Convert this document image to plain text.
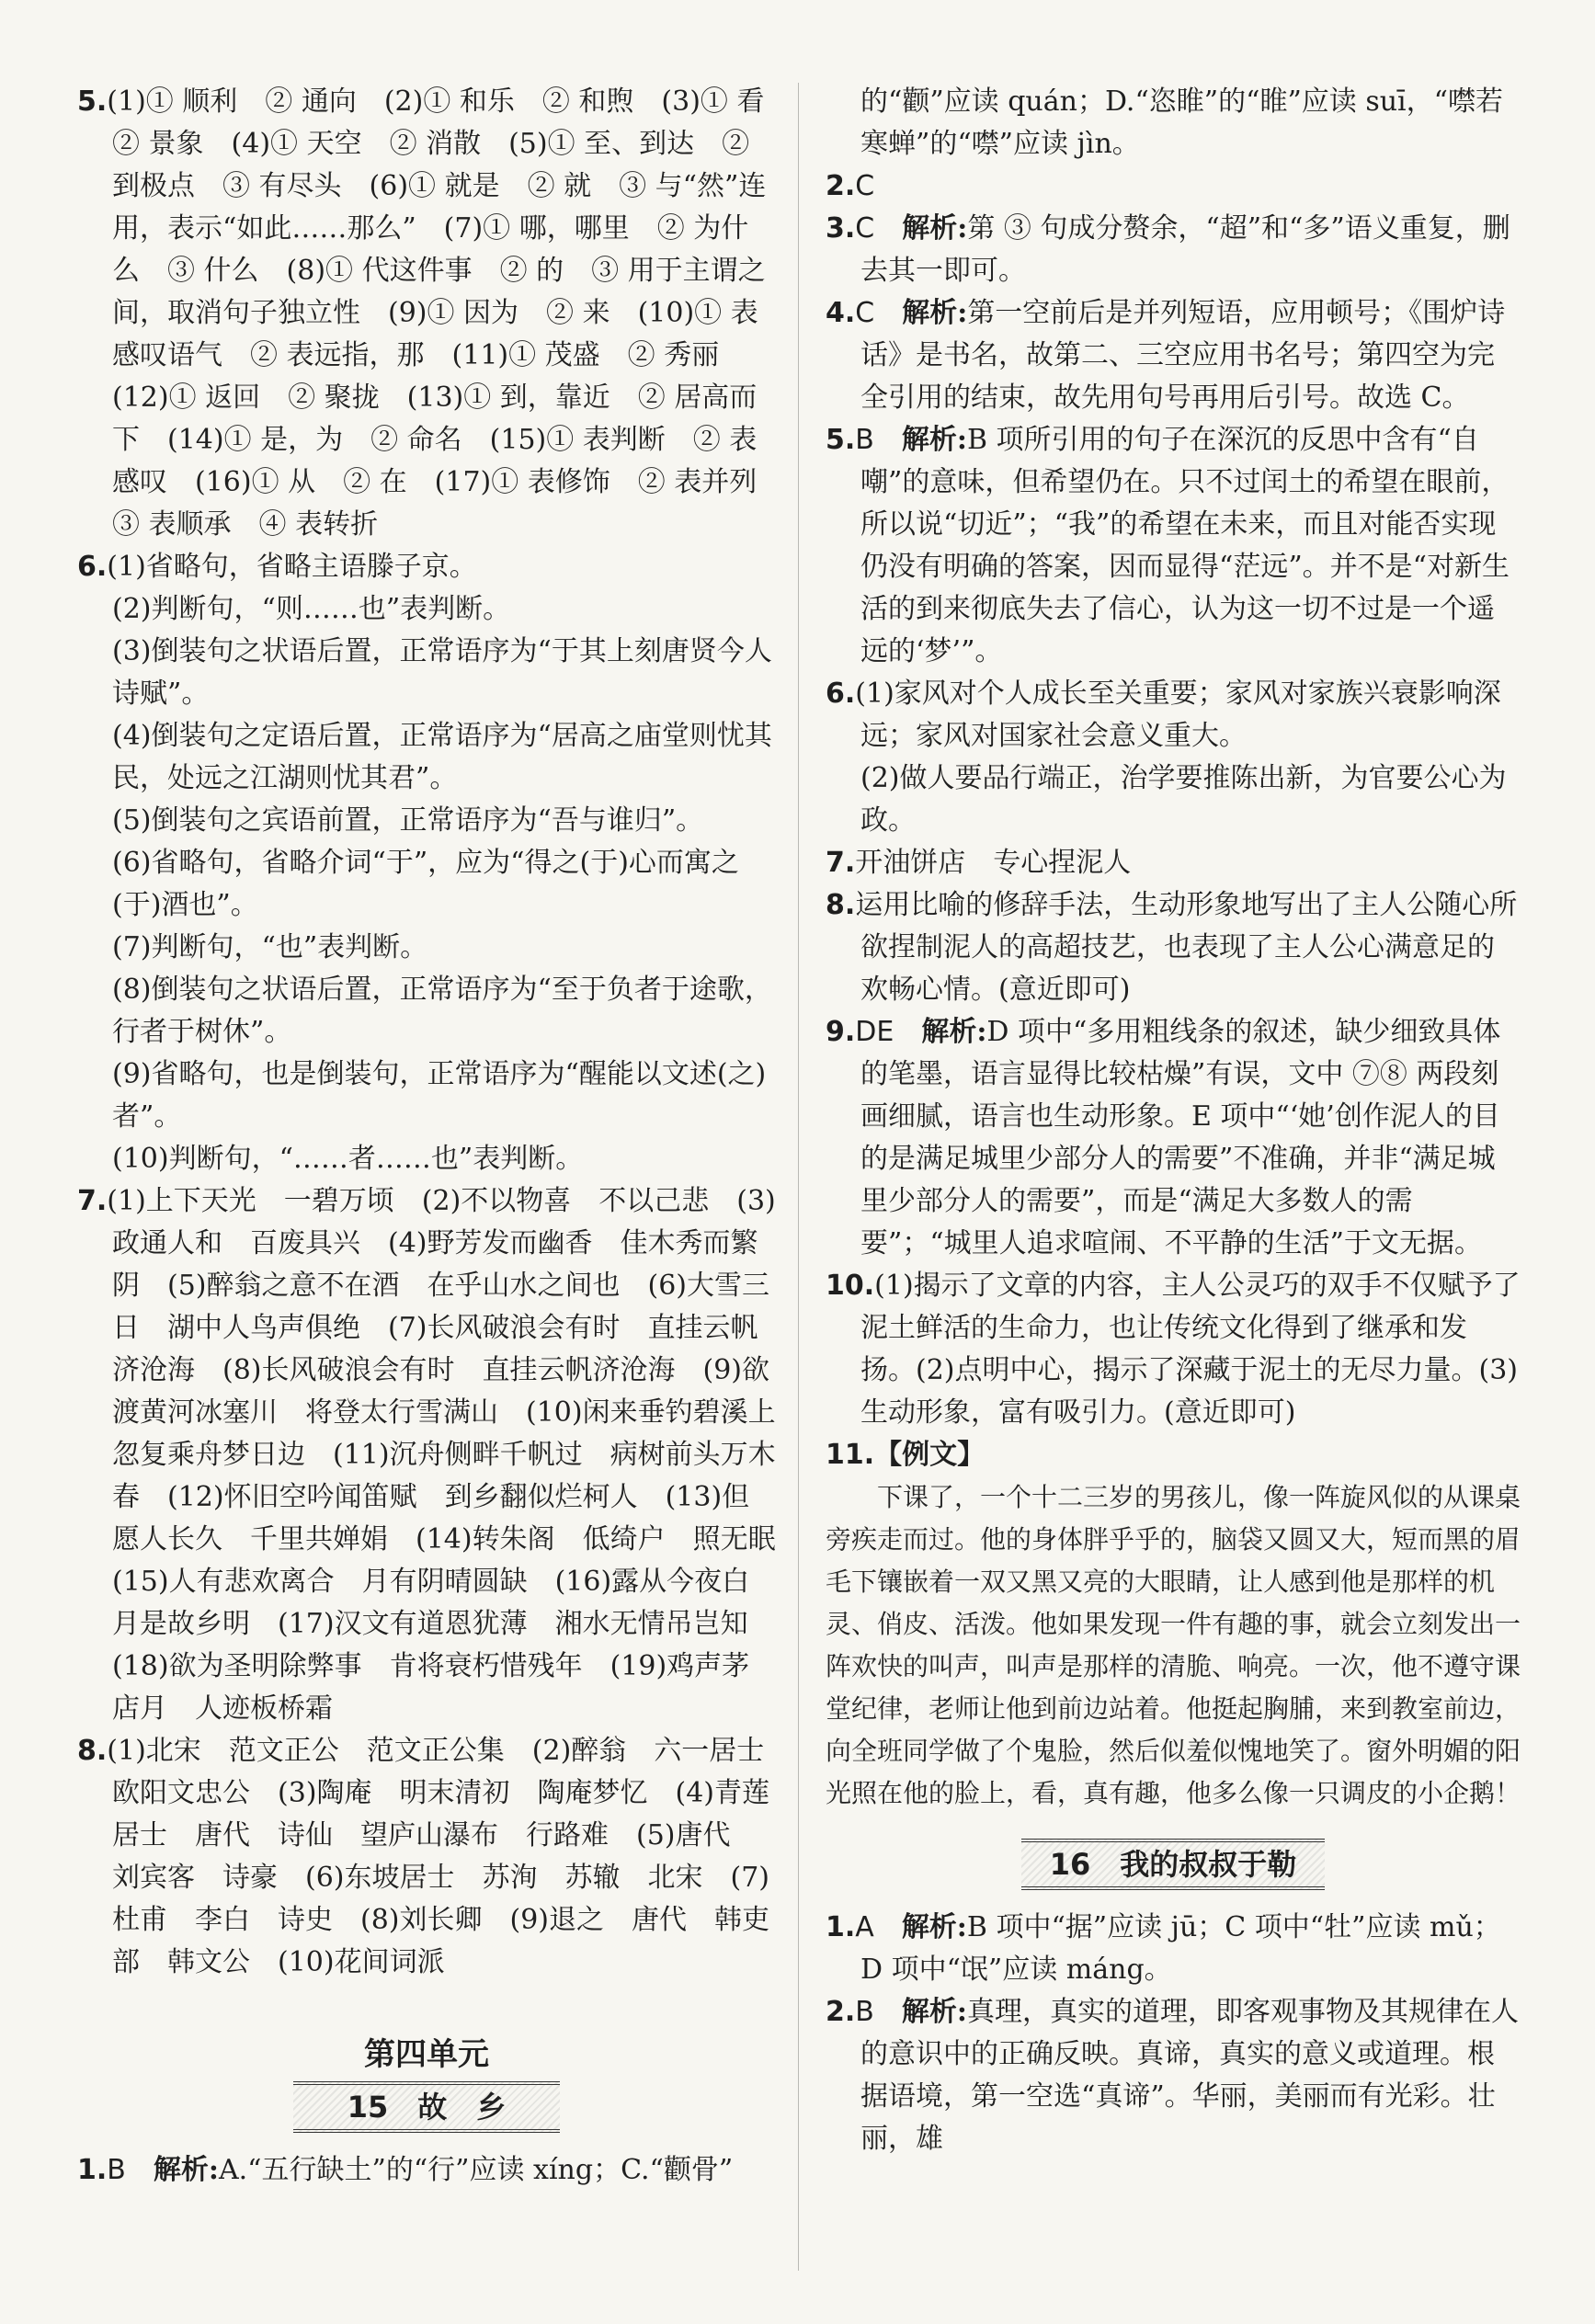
5.(1)① 顺利　② 通向　(2)① 和乐　② 和煦　(3)① 看　② 景象　(4)① 天空　② 消散　(5)① 至、到达　② 到极点　③ 有尽头　(6)① 就是　② 就　③ 与“然”连用，表示“如此……那么”　(7)① 哪，哪里　② 为什么　③ 什么　(8)① 代这件事　② 的　③ 用于主谓之间，取消句子独立性　(9)① 因为　② 来　(10)① 表感叹语气　② 表远指，那　(11)① 茂盛　② 秀丽　(12)① 返回　② 聚拢　(13)① 到，靠近　② 居高而下　(14)① 是，为　② 命名　(15)① 表判断　② 表感叹　(16)① 从　② 在　(17)① 表修饰　② 表并列　③ 表顺承　④ 表转折

6.(1)省略句，省略主语滕子京。

(2)判断句，“则……也”表判断。

(3)倒装句之状语后置，正常语序为“于其上刻唐贤今人诗赋”。

(4)倒装句之定语后置，正常语序为“居高之庙堂则忧其民，处远之江湖则忧其君”。

(5)倒装句之宾语前置，正常语序为“吾与谁归”。

(6)省略句，省略介词“于”，应为“得之(于)心而寓之(于)酒也”。

(7)判断句，“也”表判断。

(8)倒装句之状语后置，正常语序为“至于负者于途歌，行者于树休”。

(9)省略句，也是倒装句，正常语序为“醒能以文述(之)者”。

(10)判断句，“……者……也”表判断。

7.(1)上下天光　一碧万顷　(2)不以物喜　不以己悲　(3)政通人和　百废具兴　(4)野芳发而幽香　佳木秀而繁阴　(5)醉翁之意不在酒　在乎山水之间也　(6)大雪三日　湖中人鸟声俱绝　(7)长风破浪会有时　直挂云帆济沧海　(8)长风破浪会有时　直挂云帆济沧海　(9)欲渡黄河冰塞川　将登太行雪满山　(10)闲来垂钓碧溪上　忽复乘舟梦日边　(11)沉舟侧畔千帆过　病树前头万木春　(12)怀旧空吟闻笛赋　到乡翻似烂柯人　(13)但愿人长久　千里共婵娟　(14)转朱阁　低绮户　照无眠　(15)人有悲欢离合　月有阴晴圆缺　(16)露从今夜白　月是故乡明　(17)汉文有道恩犹薄　湘水无情吊岂知　(18)欲为圣明除弊事　肯将衰朽惜残年　(19)鸡声茅店月　人迹板桥霜

8.(1)北宋　范文正公　范文正公集　(2)醉翁　六一居士　欧阳文忠公　(3)陶庵　明末清初　陶庵梦忆　(4)青莲居士　唐代　诗仙　望庐山瀑布　行路难　(5)唐代　刘宾客　诗豪　(6)东坡居士　苏洵　苏辙　北宋　(7)杜甫　李白　诗史　(8)刘长卿　(9)退之　唐代　韩吏部　韩文公　(10)花间词派

第四单元
15　故　乡

1.B　 解析:A.“五行缺土”的“行”应读 xíng；C.“颧骨”

的“颧”应读 quán；D.“恣睢”的“睢”应读 suī，“噤若寒蝉”的“噤”应读 jìn。

2.C　

3.C　 解析:第 ③ 句成分赘余，“超”和“多”语义重复，删去其一即可。

4.C　 解析:第一空前后是并列短语，应用顿号；《围炉诗话》是书名，故第二、三空应用书名号；第四空为完全引用的结束，故先用句号再用后引号。故选 C。

5.B　 解析:B 项所引用的句子在深沉的反思中含有“自嘲”的意味，但希望仍在。只不过闰土的希望在眼前，所以说“切近”；“我”的希望在未来，而且对能否实现仍没有明确的答案，因而显得“茫远”。并不是“对新生活的到来彻底失去了信心，认为这一切不过是一个遥远的‘梦’”。

6.(1)家风对个人成长至关重要；家风对家族兴衰影响深远；家风对国家社会意义重大。

(2)做人要品行端正，治学要推陈出新，为官要公心为政。

7.开油饼店　专心捏泥人

8.运用比喻的修辞手法，生动形象地写出了主人公随心所欲捏制泥人的高超技艺，也表现了主人公心满意足的欢畅心情。(意近即可)

9.DE　 解析:D 项中“多用粗线条的叙述，缺少细致具体的笔墨，语言显得比较枯燥”有误，文中 ⑦⑧ 两段刻画细腻，语言也生动形象。E 项中“‘她’创作泥人的目的是满足城里少部分人的需要”不准确，并非“满足城里少部分人的需要”，而是“满足大多数人的需要”；“城里人追求喧闹、不平静的生活”于文无据。

10.(1)揭示了文章的内容，主人公灵巧的双手不仅赋予了泥土鲜活的生命力，也让传统文化得到了继承和发扬。(2)点明中心，揭示了深藏于泥土的无尽力量。(3)生动形象，富有吸引力。(意近即可)

11.【例文】

下课了，一个十二三岁的男孩儿，像一阵旋风似的从课桌旁疾走而过。他的身体胖乎乎的，脑袋又圆又大，短而黑的眉毛下镶嵌着一双又黑又亮的大眼睛，让人感到他是那样的机灵、俏皮、活泼。他如果发现一件有趣的事，就会立刻发出一阵欢快的叫声，叫声是那样的清脆、响亮。一次，他不遵守课堂纪律，老师让他到前边站着。他挺起胸脯，来到教室前边，向全班同学做了个鬼脸，然后似羞似愧地笑了。窗外明媚的阳光照在他的脸上，看，真有趣，他多么像一只调皮的小企鹅！

16　我的叔叔于勒

1.A　 解析:B 项中“据”应读 jū；C 项中“牡”应读 mǔ；D 项中“氓”应读 máng。

2.B　 解析:真理，真实的道理，即客观事物及其规律在人的意识中的正确反映。真谛，真实的意义或道理。根据语境，第一空选“真谛”。华丽，美丽而有光彩。壮丽，雄
